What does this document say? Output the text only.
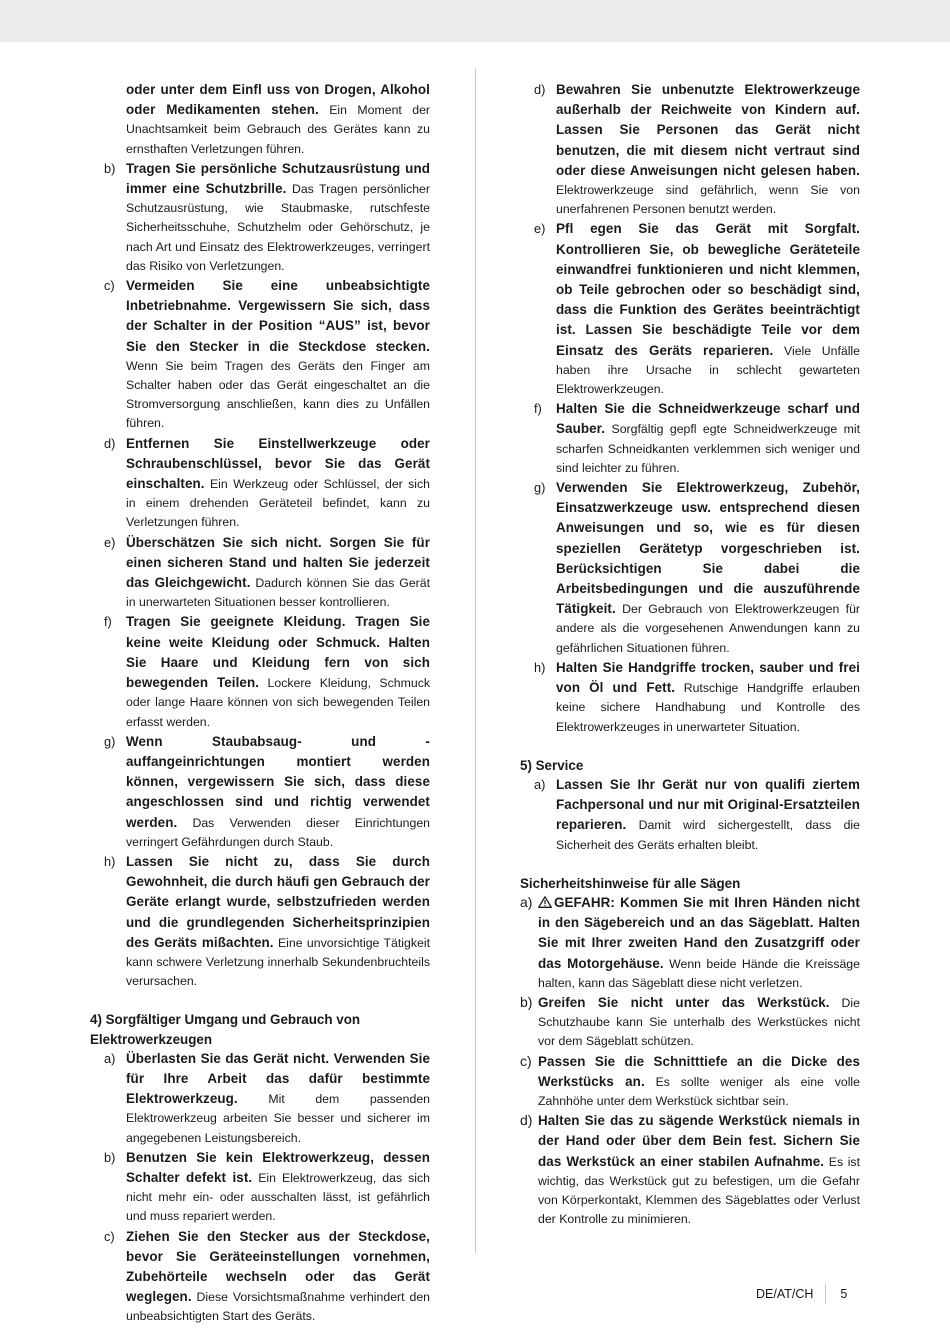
oder unter dem Einfl uss von Drogen, Alkohol oder Medikamenten stehen. Ein Moment der Unachtsamkeit beim Gebrauch des Gerätes kann zu ernsthaften Verletzungen führen.
b) Tragen Sie persönliche Schutzausrüstung und immer eine Schutzbrille. Das Tragen persönlicher Schutzausrüstung, wie Staubmaske, rutschfeste Sicherheitsschuhe, Schutzhelm oder Gehörschutz, je nach Art und Einsatz des Elektrowerkzeuges, verringert das Risiko von Verletzungen.
c) Vermeiden Sie eine unbeabsichtigte Inbetriebnahme. Vergewissern Sie sich, dass der Schalter in der Position “AUS” ist, bevor Sie den Stecker in die Steckdose stecken. Wenn Sie beim Tragen des Geräts den Finger am Schalter haben oder das Gerät eingeschaltet an die Stromversorgung anschließen, kann dies zu Unfällen führen.
d) Entfernen Sie Einstellwerkzeuge oder Schraubenschlüssel, bevor Sie das Gerät einschalten. Ein Werkzeug oder Schlüssel, der sich in einem drehenden Geräteteil befindet, kann zu Verletzungen führen.
e) Überschätzen Sie sich nicht. Sorgen Sie für einen sicheren Stand und halten Sie jederzeit das Gleichgewicht. Dadurch können Sie das Gerät in unerwarteten Situationen besser kontrollieren.
f)	Tragen Sie geeignete Kleidung. Tragen Sie keine weite Kleidung oder Schmuck. Halten Sie Haare und Kleidung fern von sich bewegenden Teilen. Lockere Kleidung, Schmuck oder lange Haare können von sich bewegenden Teilen erfasst werden.
g) Wenn Staubabsaug- und -auffangeinrichtungen montiert werden können, vergewissern Sie sich, dass diese angeschlossen sind und richtig verwendet werden. Das Verwenden dieser Einrichtungen verringert Gefährdungen durch Staub.
h) Lassen Sie nicht zu, dass Sie durch Gewohnheit, die durch häufi gen Gebrauch der Geräte erlangt wurde, selbstzufrieden werden und die grundlegenden Sicherheitsprinzipien des Geräts mißachten. Eine unvorsichtige Tätigkeit kann schwere Verletzung innerhalb Sekundenbruchteils verursachen.
4) Sorgfältiger Umgang und Gebrauch von Elektrowerkzeugen
a) Überlasten Sie das Gerät nicht. Verwenden Sie für Ihre Arbeit das dafür bestimmte Elektrowerkzeug. Mit dem passenden Elektrowerkzeug arbeiten Sie besser und sicherer im angegebenen Leistungsbereich.
b) Benutzen Sie kein Elektrowerkzeug, dessen Schalter defekt ist. Ein Elektrowerkzeug, das sich nicht mehr ein- oder ausschalten lässt, ist gefährlich und muss repariert werden.
c) Ziehen Sie den Stecker aus der Steckdose, bevor Sie Geräteeinstellungen vornehmen, Zubehörteile wechseln oder das Gerät weglegen. Diese Vorsichtsmaßnahme verhindert den unbeabsichtigten Start des Geräts.
d) Bewahren Sie unbenutzte Elektrowerkzeuge außerhalb der Reichweite von Kindern auf. Lassen Sie Personen das Gerät nicht benutzen, die mit diesem nicht vertraut sind oder diese Anweisungen nicht gelesen haben. Elektrowerkzeuge sind gefährlich, wenn Sie von unerfahrenen Personen benutzt werden.
e) Pfl egen Sie das Gerät mit Sorgfalt. Kontrollieren Sie, ob bewegliche Geräteteile einwandfrei funktionieren und nicht klemmen, ob Teile gebrochen oder so beschädigt sind, dass die Funktion des Gerätes beeinträchtigt ist. Lassen Sie beschädigte Teile vor dem Einsatz des Geräts reparieren. Viele Unfälle haben ihre Ursache in schlecht gewarteten Elektrowerkzeugen.
f)	Halten Sie die Schneidwerkzeuge scharf und Sauber. Sorgfältig gepfl egte Schneidwerkzeuge mit scharfen Schneidkanten verklemmen sich weniger und sind leichter zu führen.
g) Verwenden Sie Elektrowerkzeug, Zubehör, Einsatzwerkzeuge usw. entsprechend diesen Anweisungen und so, wie es für diesen speziellen Gerätetyp vorgeschrieben ist. Berücksichtigen Sie dabei die Arbeitsbedingungen und die auszuführende Tätigkeit. Der Gebrauch von Elektrowerkzeugen für andere als die vorgesehenen Anwendungen kann zu gefährlichen Situationen führen.
h) Halten Sie Handgriffe trocken, sauber und frei von Öl und Fett. Rutschige Handgriffe erlauben keine sichere Handhabung und Kontrolle des Elektrowerkzeuges in unerwarteter Situation.
5) Service
a) Lassen Sie Ihr Gerät nur von qualifi ziertem Fachpersonal und nur mit Original-Ersatzteilen reparieren. Damit wird sichergestellt, dass die Sicherheit des Geräts erhalten bleibt.
Sicherheitshinweise für alle Sägen
a)	GEFAHR: Kommen Sie mit Ihren Händen nicht in den Sägebereich und an das Sägeblatt. Halten Sie mit Ihrer zweiten Hand den Zusatzgriff oder das Motorgehäuse. Wenn beide Hände die Kreissäge halten, kann das Sägeblatt diese nicht verletzen.
b) Greifen Sie nicht unter das Werkstück. Die Schutzhaube kann Sie unterhalb des Werkstückes nicht vor dem Sägeblatt schützen.
c) Passen Sie die Schnitttiefe an die Dicke des Werkstücks an. Es sollte weniger als eine volle Zahnhöhe unter dem Werkstück sichtbar sein.
d) Halten Sie das zu sägende Werkstück niemals in der Hand oder über dem Bein fest. Sichern Sie das Werkstück an einer stabilen Aufnahme. Es ist wichtig, das Werkstück gut zu befestigen, um die Gefahr von Körperkontakt, Klemmen des Sägeblattes oder Verlust der Kontrolle zu minimieren.
DE/AT/CH 5
